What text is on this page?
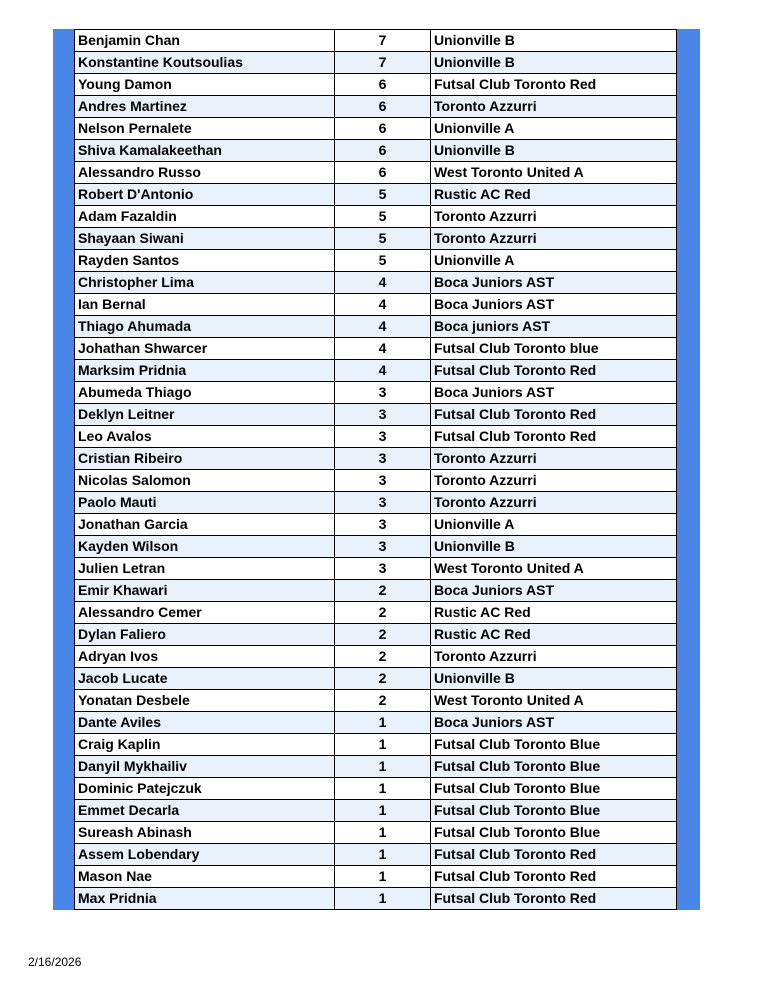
Benjamin Chan	7	Unionville B
Konstantine Koutsoulias	7	Unionville B
Young Damon	6	Futsal Club Toronto Red
Andres Martinez	6	Toronto Azzurri
Nelson Pernalete	6	Unionville A
Shiva Kamalakeethan	6	Unionville B
Alessandro Russo	6	West Toronto United A
Robert D'Antonio	5	Rustic AC Red
Adam Fazaldin	5	Toronto Azzurri
Shayaan Siwani	5	Toronto Azzurri
Rayden Santos	5	Unionville A
Christopher Lima	4	Boca Juniors AST
Ian Bernal	4	Boca Juniors AST
Thiago Ahumada	4	Boca juniors AST
Johathan Shwarcer	4	Futsal Club Toronto blue
Marksim Pridnia	4	Futsal Club Toronto Red
Abumeda Thiago	3	Boca Juniors AST
Deklyn Leitner	3	Futsal Club Toronto Red
Leo Avalos	3	Futsal Club Toronto Red
Cristian Ribeiro	3	Toronto Azzurri
Nicolas Salomon	3	Toronto Azzurri
Paolo Mauti	3	Toronto Azzurri
Jonathan Garcia	3	Unionville A
Kayden Wilson	3	Unionville B
Julien Letran	3	West Toronto United A
Emir Khawari	2	Boca Juniors AST
Alessandro Cemer	2	Rustic AC Red
Dylan Faliero	2	Rustic AC Red
Adryan Ivos	2	Toronto Azzurri
Jacob Lucate	2	Unionville B
Yonatan Desbele	2	West Toronto United A
Dante Aviles	1	Boca Juniors AST
Craig Kaplin	1	Futsal Club Toronto Blue
Danyil Mykhailiv	1	Futsal Club Toronto Blue
Dominic Patejczuk	1	Futsal Club Toronto Blue
Emmet Decarla	1	Futsal Club Toronto Blue
Sureash Abinash	1	Futsal Club Toronto Blue
Assem Lobendary	1	Futsal Club Toronto Red
Mason Nae	1	Futsal Club Toronto Red
Max Pridnia	1	Futsal Club Toronto Red
2/16/2026
